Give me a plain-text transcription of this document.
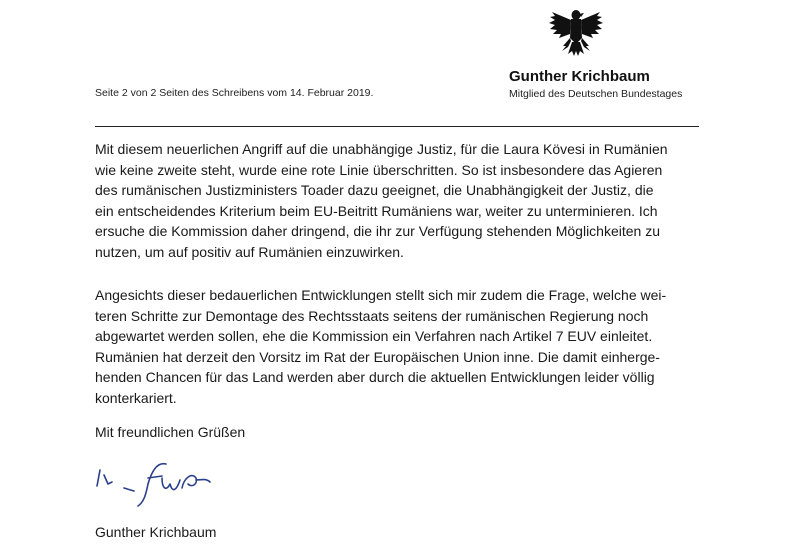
Gunther Krichbaum
Mitglied des Deutschen Bundestages
Seite 2 von 2 Seiten des Schreibens vom 14. Februar 2019.
Mit diesem neuerlichen Angriff auf die unabhängige Justiz, für die Laura Kövesi in Rumänien
wie keine zweite steht, wurde eine rote Linie überschritten. So ist insbesondere das Agieren
des rumänischen Justizministers Toader dazu geeignet, die Unabhängigkeit der Justiz, die
ein entscheidendes Kriterium beim EU-Beitritt Rumäniens war, weiter zu unterminieren. Ich
ersuche die Kommission daher dringend, die ihr zur Verfügung stehenden Möglichkeiten zu
nutzen, um auf positiv auf Rumänien einzuwirken.
Angesichts dieser bedauerlichen Entwicklungen stellt sich mir zudem die Frage, welche wei-
teren Schritte zur Demontage des Rechtsstaats seitens der rumänischen Regierung noch
abgewartet werden sollen, ehe die Kommission ein Verfahren nach Artikel 7 EUV einleitet.
Rumänien hat derzeit den Vorsitz im Rat der Europäischen Union inne. Die damit einherge-
henden Chancen für das Land werden aber durch die aktuellen Entwicklungen leider völlig
konterkariert.
Mit freundlichen Grüßen
Gunther Krichbaum
